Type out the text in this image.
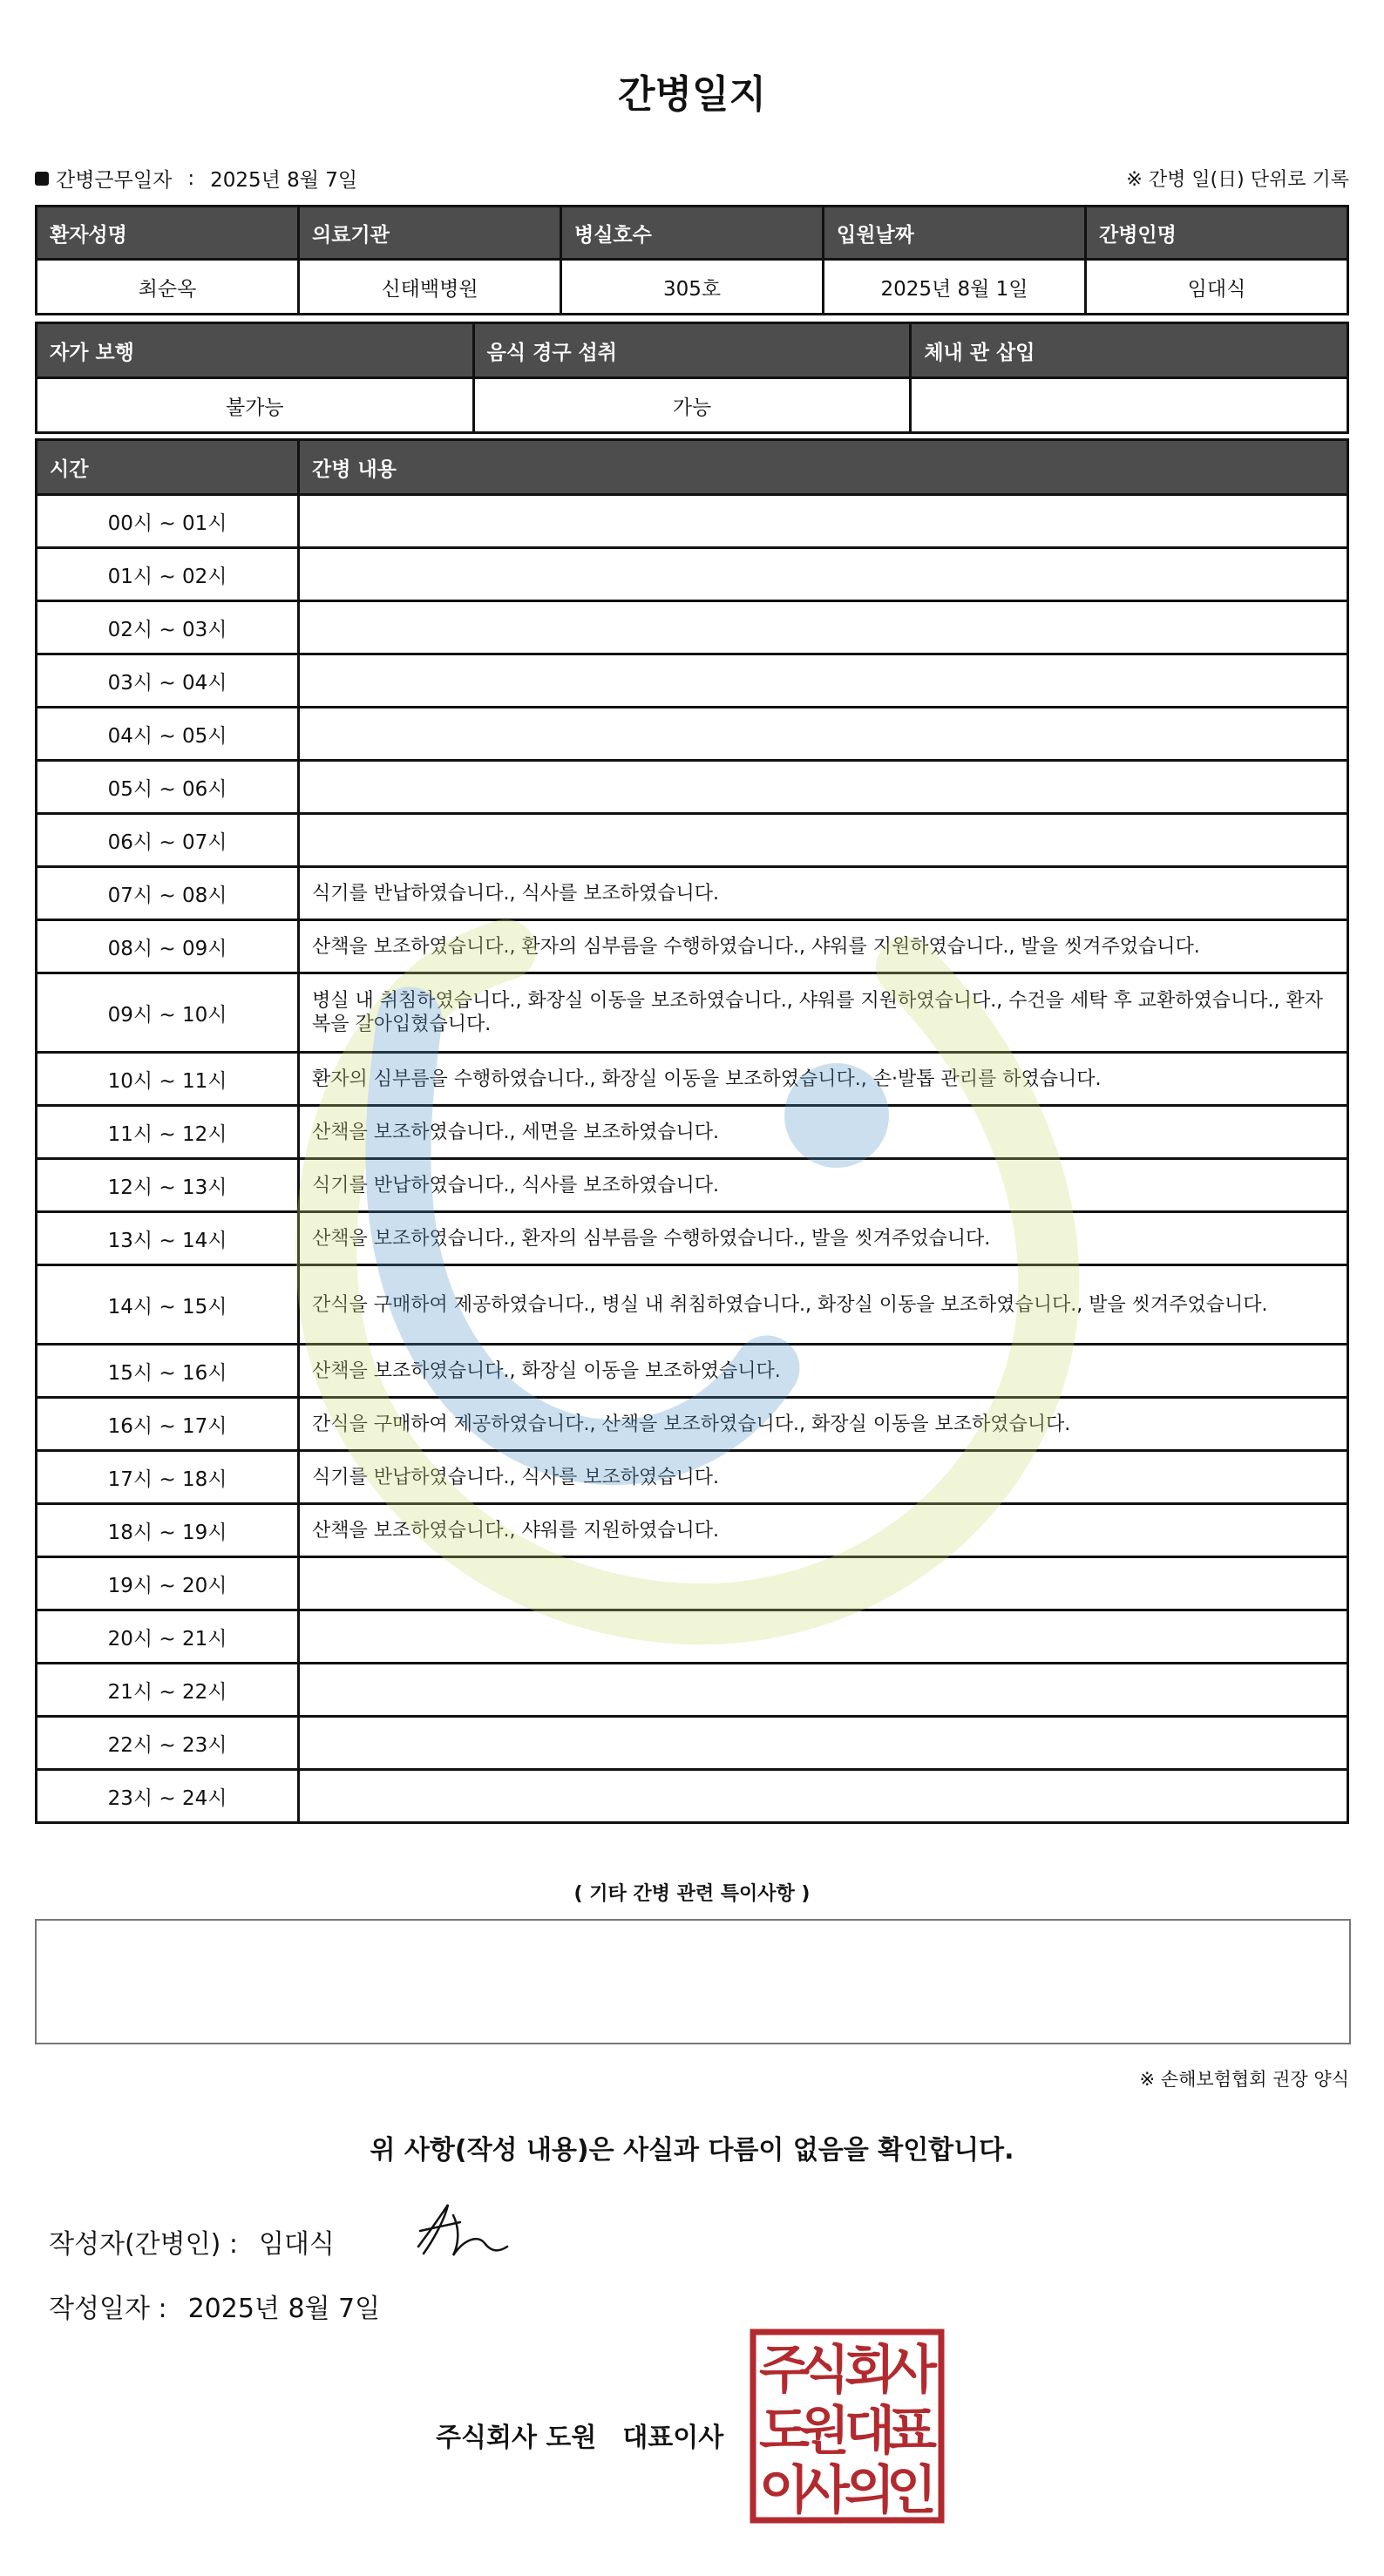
간병일지
간병근무일자 : 2025년 8월 7일	※ 간병 일(日) 단위로 기록
환자성명	의료기관	병실호수	입원날짜	간병인명
최순옥	신태백병원	305호	2025년 8월 1일	임대식
자가 보행	음식 경구 섭취	체내 관 삽입
불가능	가능	
시간	간병 내용
00시 ~ 01시	
01시 ~ 02시	
02시 ~ 03시	
03시 ~ 04시	
04시 ~ 05시	
05시 ~ 06시	
06시 ~ 07시	
07시 ~ 08시	식기를 반납하였습니다., 식사를 보조하였습니다.
08시 ~ 09시	산책을 보조하였습니다., 환자의 심부름을 수행하였습니다., 샤워를 지원하였습니다., 발을 씻겨주었습니다.
09시 ~ 10시	병실 내 취침하였습니다., 화장실 이동을 보조하였습니다., 샤워를 지원하였습니다., 수건을 세탁 후 교환하였습니다., 환자복을 갈아입혔습니다.
10시 ~ 11시	환자의 심부름을 수행하였습니다., 화장실 이동을 보조하였습니다., 손·발톱 관리를 하였습니다.
11시 ~ 12시	산책을 보조하였습니다., 세면을 보조하였습니다.
12시 ~ 13시	식기를 반납하였습니다., 식사를 보조하였습니다.
13시 ~ 14시	산책을 보조하였습니다., 환자의 심부름을 수행하였습니다., 발을 씻겨주었습니다.
14시 ~ 15시	간식을 구매하여 제공하였습니다., 병실 내 취침하였습니다., 화장실 이동을 보조하였습니다., 발을 씻겨주었습니다.
15시 ~ 16시	산책을 보조하였습니다., 화장실 이동을 보조하였습니다.
16시 ~ 17시	간식을 구매하여 제공하였습니다., 산책을 보조하였습니다., 화장실 이동을 보조하였습니다.
17시 ~ 18시	식기를 반납하였습니다., 식사를 보조하였습니다.
18시 ~ 19시	산책을 보조하였습니다., 샤워를 지원하였습니다.
19시 ~ 20시	
20시 ~ 21시	
21시 ~ 22시	
22시 ~ 23시	
23시 ~ 24시	
( 기타 간병 관련 특이사항 )
※ 손해보험협회 권장 양식
위 사항(작성 내용)은 사실과 다름이 없음을 확인합니다.
작성자(간병인) : 임대식
작성일자 : 2025년 8월 7일
주식회사 도원 대표이사
주
식
회
사
도
원
대
표
이
사
의
인
